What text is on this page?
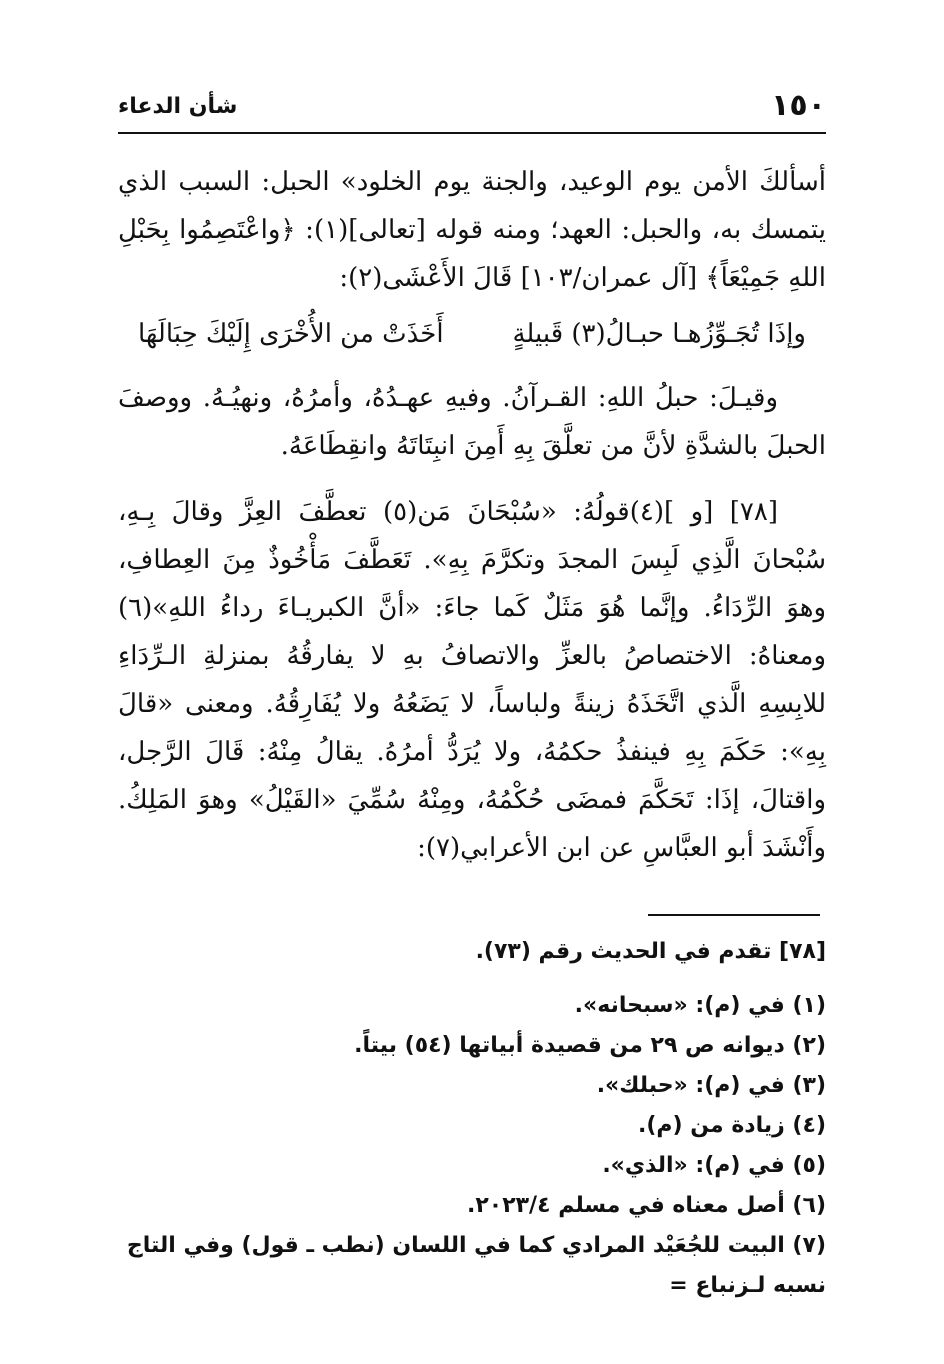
١٥٠
شأن الدعاء

أسألكَ الأمن يوم الوعيد، والجنة يوم الخلود» الحبل: السبب الذي يتمسك به، والحبل: العهد؛ ومنه قوله [تعالى](١): ﴿واعْتَصِمُوا بِحَبْلِ اللهِ جَمِيْعَاً﴾ [آل عمران/١٠٣] قَالَ الأَعْشَى(٢):

وإذَا تُجَـوِّزُهـا حبـالُ(٣) قَبيلةٍ
أَخَذَتْ من الأُخْرَى إِلَيْكَ حِبَالَهَا

وقيـلَ: حبلُ اللهِ: القـرآنُ. وفيهِ عهـدُهُ، وأمرُهُ، ونهيُـهُ. ووصفَ الحبلَ بالشدَّةِ لأنَّ من تعلَّقَ بِهِ أَمِنَ انبِتَاتَهُ وانقِطَاعَهُ.

[٧٨] [و ](٤)قولُهُ: «سُبْحَانَ مَن(٥) تعطَّفَ العِزَّ وقالَ بِـهِ، سُبْحانَ الَّذِي لَبِسَ المجدَ وتكرَّمَ بِهِ». تَعَطَّفَ مَأْخُوذٌ مِنَ العِطافِ، وهوَ الرِّدَاءُ. وإنَّما هُوَ مَثَلٌ كَما جاءَ: «أنَّ الكبريـاءَ رداءُ اللهِ»(٦) ومعناهُ: الاختصاصُ بالعزِّ والاتصافُ بهِ لا يفارقُهُ بمنزلةِ الـرِّدَاءِ للابِسِهِ الَّذي اتَّخَذَهُ زينةً ولباساً، لا يَضَعُهُ ولا يُفَارِقُهُ. ومعنى «قالَ بِهِ»: حَكَمَ بِهِ فينفذُ حكمُهُ، ولا يُرَدُّ أمرُهُ. يقالُ مِنْهُ: قَالَ الرَّجل، واقتالَ، إذَا: تَحَكَّمَ فمضَى حُكْمُهُ، ومِنْهُ سُمِّيَ «القَيْلُ» وهوَ المَلِكُ. وأَنْشَدَ أبو العبَّاسِ عن ابن الأعرابي(٧):

[٧٨] تقدم في الحديث رقم (٧٣).

(١) في (م): «سبحانه».

(٢) ديوانه ص ٢٩ من قصيدة أبياتها (٥٤) بيتاً.

(٣) في (م): «حبلك».

(٤) زيادة من (م).

(٥) في (م): «الذي».

(٦) أصل معناه في مسلم ٢٠٢٣/٤.

(٧) البيت للجُعَيْد المرادي كما في اللسان (نطب ـ قول) وفي التاج نسبه لـزنباع =
